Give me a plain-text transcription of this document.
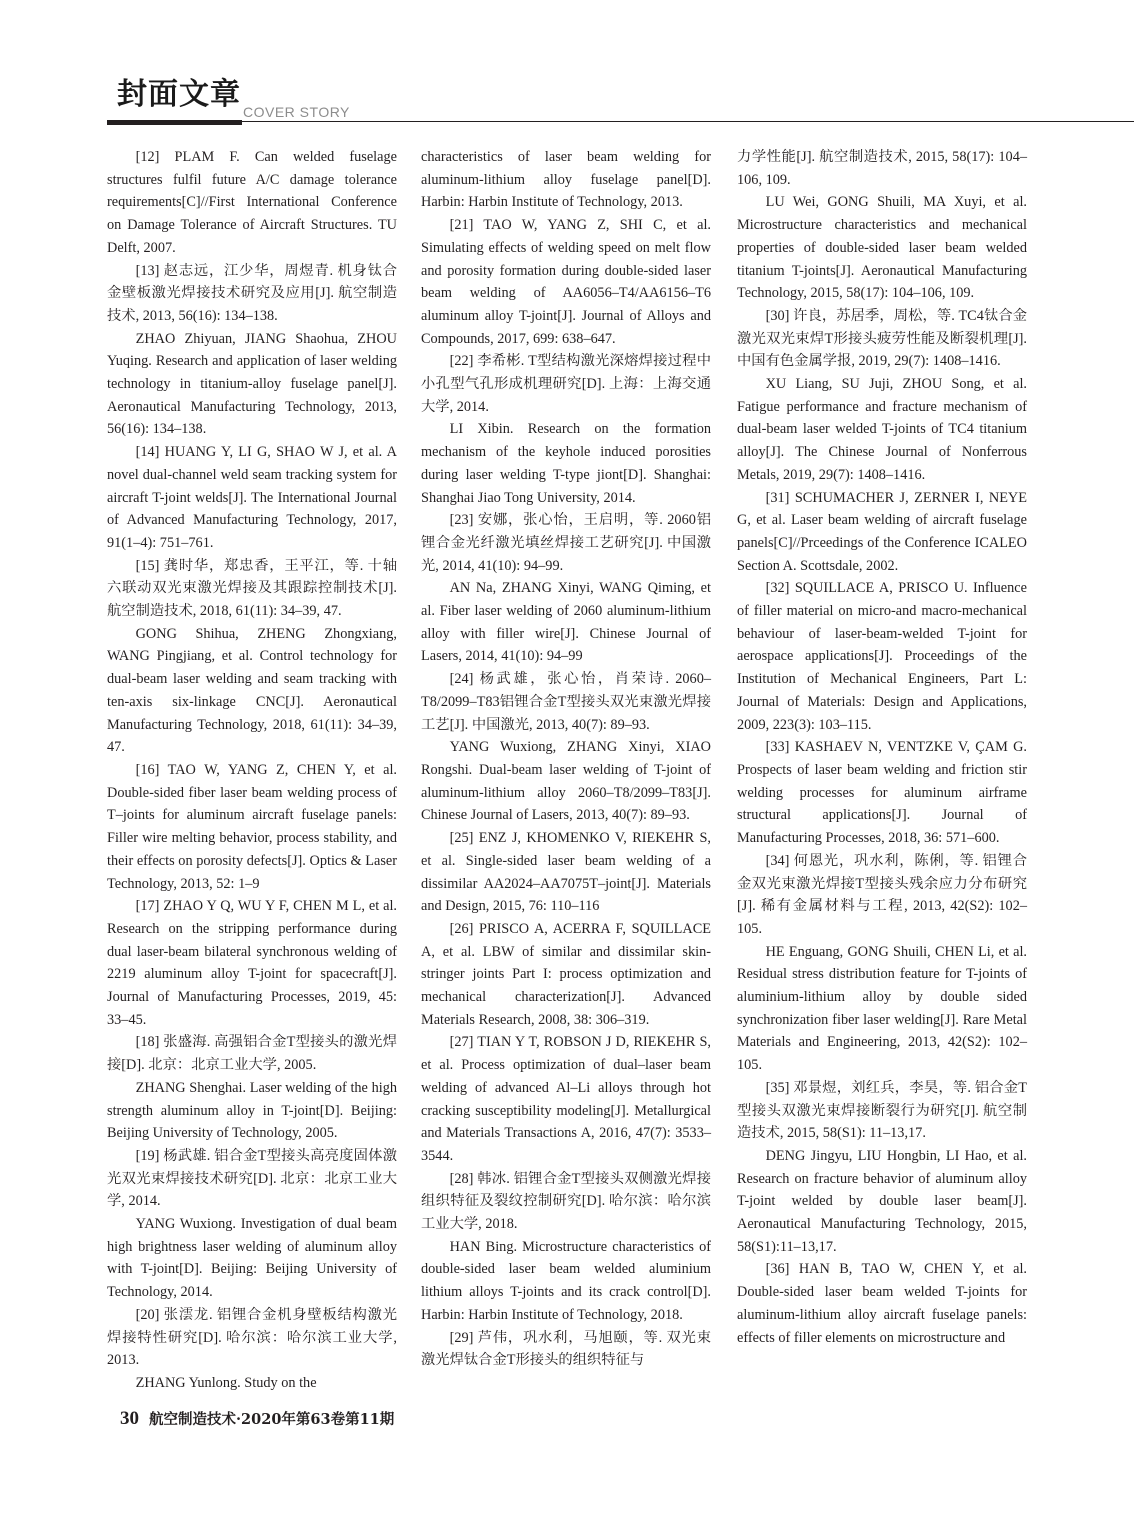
封面文章 COVER STORY

[12] PLAM F. Can welded fuselage structures fulfil future A/C damage tolerance requirements[C]//First International Conference on Damage Tolerance of Aircraft Structures. TU Delft, 2007.

[13] 赵志远，江少华，周煜青. 机身钛合金壁板激光焊接技术研究及应用[J]. 航空制造技术, 2013, 56(16): 134–138.

ZHAO Zhiyuan, JIANG Shaohua, ZHOU Yuqing. Research and application of laser welding technology in titanium-alloy fuselage panel[J]. Aeronautical Manufacturing Technology, 2013, 56(16): 134–138.

[14] HUANG Y, LI G, SHAO W J, et al. A novel dual-channel weld seam tracking system for aircraft T-joint welds[J]. The International Journal of Advanced Manufacturing Technology, 2017, 91(1–4): 751–761.

[15] 龚时华，郑忠香，王平江，等. 十轴六联动双光束激光焊接及其跟踪控制技术[J]. 航空制造技术, 2018, 61(11): 34–39, 47.

GONG Shihua, ZHENG Zhongxiang, WANG Pingjiang, et al. Control technology for dual-beam laser welding and seam tracking with ten-axis six-linkage CNC[J]. Aeronautical Manufacturing Technology, 2018, 61(11): 34–39, 47.

[16] TAO W, YANG Z, CHEN Y, et al. Double-sided fiber laser beam welding process of T–joints for aluminum aircraft fuselage panels: Filler wire melting behavior, process stability, and their effects on porosity defects[J]. Optics & Laser Technology, 2013, 52: 1–9

[17] ZHAO Y Q, WU Y F, CHEN M L, et al. Research on the stripping performance during dual laser-beam bilateral synchronous welding of 2219 aluminum alloy T-joint for spacecraft[J]. Journal of Manufacturing Processes, 2019, 45: 33–45.

[18] 张盛海. 高强铝合金T型接头的激光焊接[D]. 北京：北京工业大学, 2005.

ZHANG Shenghai. Laser welding of the high strength aluminum alloy in T-joint[D]. Beijing: Beijing University of Technology, 2005.

[19] 杨武雄. 铝合金T型接头高亮度固体激光双光束焊接技术研究[D]. 北京：北京工业大学, 2014.

YANG Wuxiong. Investigation of dual beam high brightness laser welding of aluminum alloy with T-joint[D]. Beijing: Beijing University of Technology, 2014.

[20] 张澐龙. 铝锂合金机身壁板结构激光焊接特性研究[D]. 哈尔滨：哈尔滨工业大学, 2013.

ZHANG Yunlong. Study on the

characteristics of laser beam welding for aluminum-lithium alloy fuselage panel[D]. Harbin: Harbin Institute of Technology, 2013.

[21] TAO W, YANG Z, SHI C, et al. Simulating effects of welding speed on melt flow and porosity formation during double-sided laser beam welding of AA6056–T4/AA6156–T6 aluminum alloy T-joint[J]. Journal of Alloys and Compounds, 2017, 699: 638–647.

[22] 李希彬. T型结构激光深熔焊接过程中小孔型气孔形成机理研究[D]. 上海：上海交通大学, 2014.

LI Xibin. Research on the formation mechanism of the keyhole induced porosities during laser welding T-type jiont[D]. Shanghai: Shanghai Jiao Tong University, 2014.

[23] 安娜，张心怡，王启明，等. 2060铝锂合金光纤激光填丝焊接工艺研究[J]. 中国激光, 2014, 41(10): 94–99.

AN Na, ZHANG Xinyi, WANG Qiming, et al. Fiber laser welding of 2060 aluminum-lithium alloy with filler wire[J]. Chinese Journal of Lasers, 2014, 41(10): 94–99

[24] 杨武雄，张心怡，肖荣诗. 2060–T8/2099–T83铝锂合金T型接头双光束激光焊接工艺[J]. 中国激光, 2013, 40(7): 89–93.

YANG Wuxiong, ZHANG Xinyi, XIAO Rongshi. Dual-beam laser welding of T-joint of aluminum-lithium alloy 2060–T8/2099–T83[J]. Chinese Journal of Lasers, 2013, 40(7): 89–93.

[25] ENZ J, KHOMENKO V, RIEKEHR S, et al. Single-sided laser beam welding of a dissimilar AA2024–AA7075T–joint[J]. Materials and Design, 2015, 76: 110–116

[26] PRISCO A, ACERRA F, SQUILLACE A, et al. LBW of similar and dissimilar skin-stringer joints Part I: process optimization and mechanical characterization[J]. Advanced Materials Research, 2008, 38: 306–319.

[27] TIAN Y T, ROBSON J D, RIEKEHR S, et al. Process optimization of dual–laser beam welding of advanced Al–Li alloys through hot cracking susceptibility modeling[J]. Metallurgical and Materials Transactions A, 2016, 47(7): 3533–3544.

[28] 韩冰. 铝锂合金T型接头双侧激光焊接组织特征及裂纹控制研究[D]. 哈尔滨：哈尔滨工业大学, 2018.

HAN Bing. Microstructure characteristics of double-sided laser beam welded aluminium lithium alloys T-joints and its crack control[D]. Harbin: Harbin Institute of Technology, 2018.

[29] 芦伟，巩水利，马旭颐，等. 双光束激光焊钛合金T形接头的组织特征与

力学性能[J]. 航空制造技术, 2015, 58(17): 104–106, 109.

LU Wei, GONG Shuili, MA Xuyi, et al. Microstructure characteristics and mechanical properties of double-sided laser beam welded titanium T-joints[J]. Aeronautical Manufacturing Technology, 2015, 58(17): 104–106, 109.

[30] 许良，苏居季，周松，等. TC4钛合金激光双光束焊T形接头疲劳性能及断裂机理[J]. 中国有色金属学报, 2019, 29(7): 1408–1416.

XU Liang, SU Juji, ZHOU Song, et al. Fatigue performance and fracture mechanism of dual-beam laser welded T-joints of TC4 titanium alloy[J]. The Chinese Journal of Nonferrous Metals, 2019, 29(7): 1408–1416.

[31] SCHUMACHER J, ZERNER I, NEYE G, et al. Laser beam welding of aircraft fuselage panels[C]//Prceedings of the Conference ICALEO Section A. Scottsdale, 2002.

[32] SQUILLACE A, PRISCO U. Influence of filler material on micro-and macro-mechanical behaviour of laser-beam-welded T-joint for aerospace applications[J]. Proceedings of the Institution of Mechanical Engineers, Part L: Journal of Materials: Design and Applications, 2009, 223(3): 103–115.

[33] KASHAEV N, VENTZKE V, ÇAM G. Prospects of laser beam welding and friction stir welding processes for aluminum airframe structural applications[J]. Journal of Manufacturing Processes, 2018, 36: 571–600.

[34] 何恩光，巩水利，陈俐，等. 铝锂合金双光束激光焊接T型接头残余应力分布研究[J]. 稀有金属材料与工程, 2013, 42(S2): 102–105.

HE Enguang, GONG Shuili, CHEN Li, et al. Residual stress distribution feature for T-joints of aluminium-lithium alloy by double sided synchronization fiber laser welding[J]. Rare Metal Materials and Engineering, 2013, 42(S2): 102–105.

[35] 邓景煜，刘红兵，李昊，等. 铝合金T型接头双激光束焊接断裂行为研究[J]. 航空制造技术, 2015, 58(S1): 11–13,17.

DENG Jingyu, LIU Hongbin, LI Hao, et al. Research on fracture behavior of aluminum alloy T-joint welded by double laser beam[J]. Aeronautical Manufacturing Technology, 2015, 58(S1):11–13,17.

[36] HAN B, TAO W, CHEN Y, et al. Double-sided laser beam welded T-joints for aluminum-lithium alloy aircraft fuselage panels: effects of filler elements on microstructure and

30 航空制造技术·2020年第63卷第11期
